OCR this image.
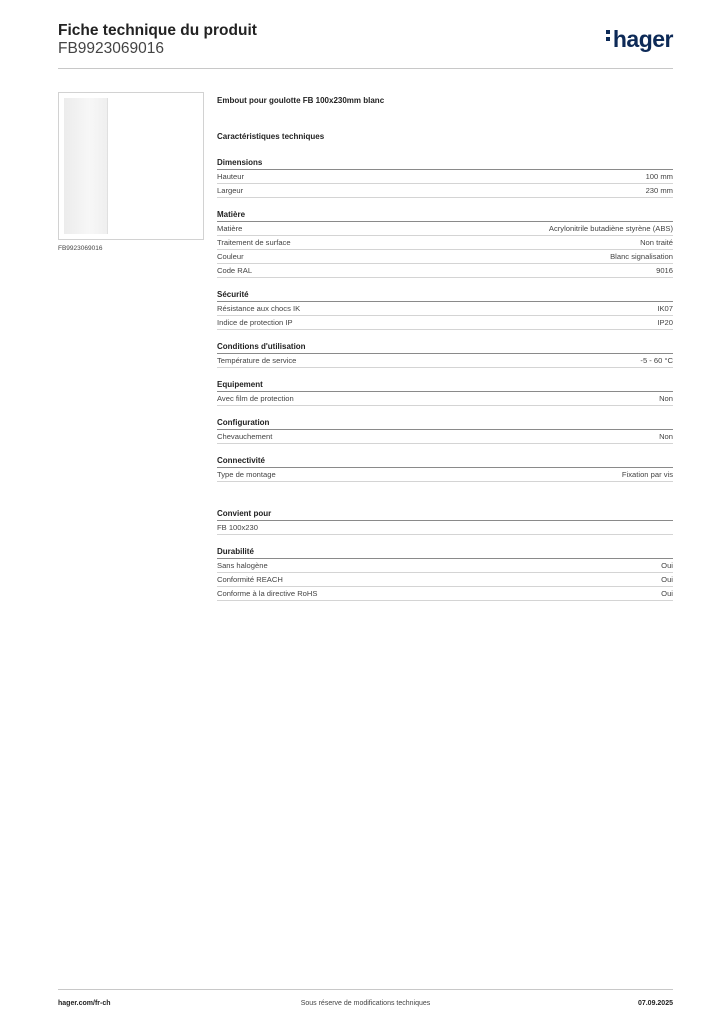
Fiche technique du produit
FB9923069016	hager
FB9923069016
Embout pour goulotte FB 100x230mm blanc
Caractéristiques techniques
Dimensions
Hauteur	100 mm
Largeur	230 mm
Matière
Matière	Acrylonitrile butadiène styrène (ABS)
Traitement de surface	Non traité
Couleur	Blanc signalisation
Code RAL	9016
Sécurité
Résistance aux chocs IK	IK07
Indice de protection IP	IP20
Conditions d'utilisation
Température de service	-5 - 60 °C
Equipement
Avec film de protection	Non
Configuration
Chevauchement	Non
Connectivité
Type de montage	Fixation par vis
Convient pour
FB 100x230
Durabilité
Sans halogène	Oui
Conformité REACH	Oui
Conforme à la directive RoHS	Oui
hager.com/fr-ch	Sous réserve de modifications techniques	07.09.2025
